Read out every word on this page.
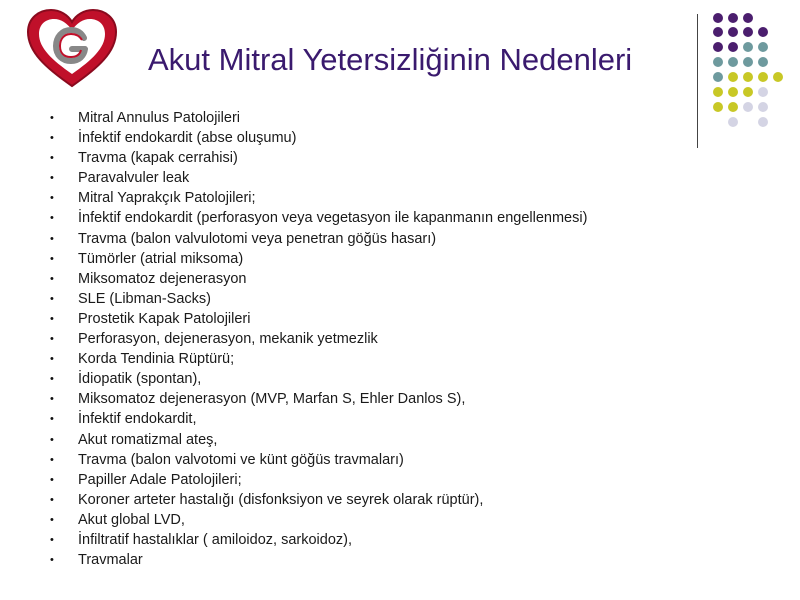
Akut Mitral Yetersizliğinin Nedenleri
• Mitral Annulus Patolojileri
• İnfektif endokardit (abse oluşumu)
• Travma (kapak cerrahisi)
• Paravalvuler leak
• Mitral Yaprakçık Patolojileri;
• İnfektif endokardit (perforasyon veya vegetasyon ile kapanmanın engellenmesi)
• Travma (balon valvulotomi veya penetran göğüs hasarı)
• Tümörler (atrial miksoma)
• Miksomatoz dejenerasyon
• SLE (Libman-Sacks)
• Prostetik Kapak Patolojileri
• Perforasyon, dejenerasyon, mekanik yetmezlik
• Korda Tendinia Rüptürü;
• İdiopatik (spontan),
• Miksomatoz dejenerasyon (MVP, Marfan S, Ehler Danlos S),
• İnfektif endokardit,
• Akut romatizmal ateş,
• Travma (balon valvotomi ve künt göğüs travmaları)
• Papiller Adale Patolojileri;
• Koroner arteter hastalığı (disfonksiyon ve seyrek olarak rüptür),
• Akut global LVD,
• İnfiltratif hastalıklar ( amiloidoz, sarkoidoz),
• Travmalar
